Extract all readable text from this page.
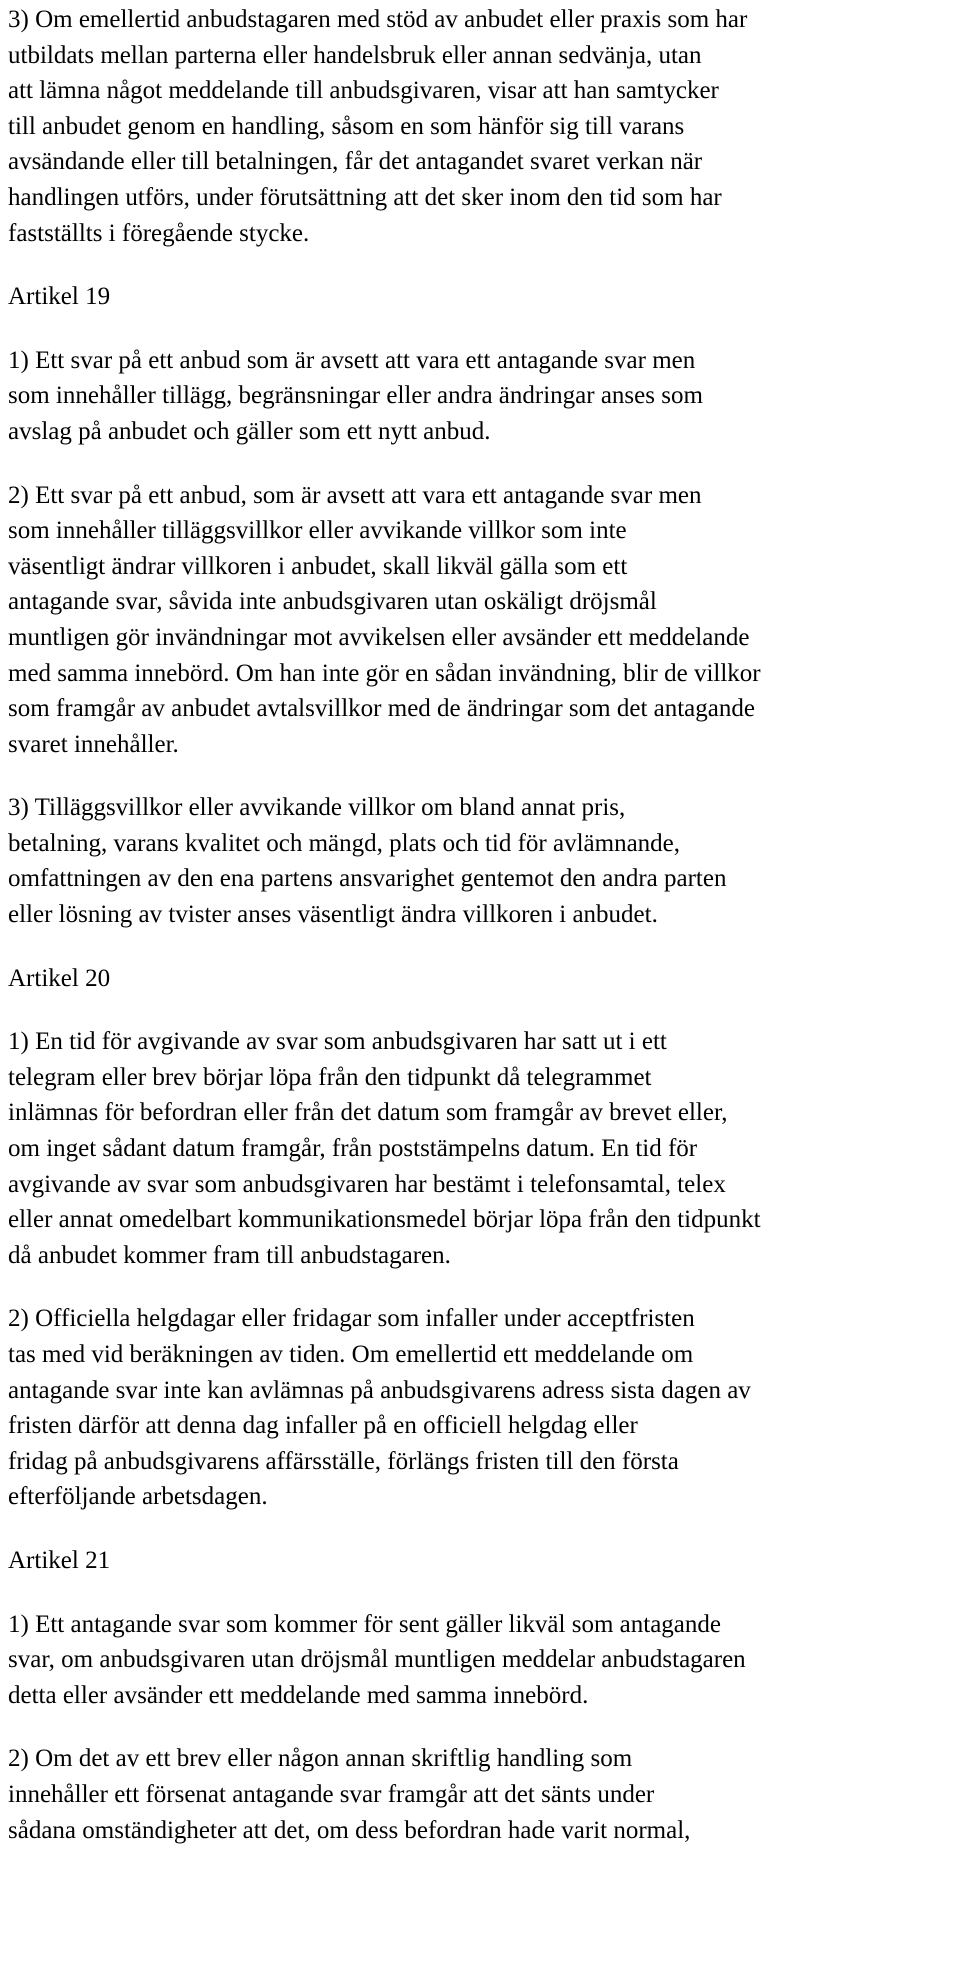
3) Om emellertid anbudstagaren med stöd av anbudet eller praxis som har
utbildats mellan parterna eller handelsbruk eller annan sedvänja, utan
att lämna något meddelande till anbudsgivaren, visar att han samtycker
till anbudet genom en handling, såsom en som hänför sig till varans
avsändande eller till betalningen, får det antagandet svaret verkan när
handlingen utförs, under förutsättning att det sker inom den tid som har
fastställts i föregående stycke.
Artikel 19
1) Ett svar på ett anbud som är avsett att vara ett antagande svar men
som innehåller tillägg, begränsningar eller andra ändringar anses som
avslag på anbudet och gäller som ett nytt anbud.
2) Ett svar på ett anbud, som är avsett att vara ett antagande svar men
som innehåller tilläggsvillkor eller avvikande villkor som inte
väsentligt ändrar villkoren i anbudet, skall likväl gälla som ett
antagande svar, såvida inte anbudsgivaren utan oskäligt dröjsmål
muntligen gör invändningar mot avvikelsen eller avsänder ett meddelande
med samma innebörd. Om han inte gör en sådan invändning, blir de villkor
som framgår av anbudet avtalsvillkor med de ändringar som det antagande
svaret innehåller.
3) Tilläggsvillkor eller avvikande villkor om bland annat pris,
betalning, varans kvalitet och mängd, plats och tid för avlämnande,
omfattningen av den ena partens ansvarighet gentemot den andra parten
eller lösning av tvister anses väsentligt ändra villkoren i anbudet.
Artikel 20
1) En tid för avgivande av svar som anbudsgivaren har satt ut i ett
telegram eller brev börjar löpa från den tidpunkt då telegrammet
inlämnas för befordran eller från det datum som framgår av brevet eller,
om inget sådant datum framgår, från poststämpelns datum. En tid för
avgivande av svar som anbudsgivaren har bestämt i telefonsamtal, telex
eller annat omedelbart kommunikationsmedel börjar löpa från den tidpunkt
då anbudet kommer fram till anbudstagaren.
2) Officiella helgdagar eller fridagar som infaller under acceptfristen
tas med vid beräkningen av tiden. Om emellertid ett meddelande om
antagande svar inte kan avlämnas på anbudsgivarens adress sista dagen av
fristen därför att denna dag infaller på en officiell helgdag eller
fridag på anbudsgivarens affärsställe, förlängs fristen till den första
efterföljande arbetsdagen.
Artikel 21
1) Ett antagande svar som kommer för sent gäller likväl som antagande
svar, om anbudsgivaren utan dröjsmål muntligen meddelar anbudstagaren
detta eller avsänder ett meddelande med samma innebörd.
2) Om det av ett brev eller någon annan skriftlig handling som
innehåller ett försenat antagande svar framgår att det sänts under
sådana omständigheter att det, om dess befordran hade varit normal,
